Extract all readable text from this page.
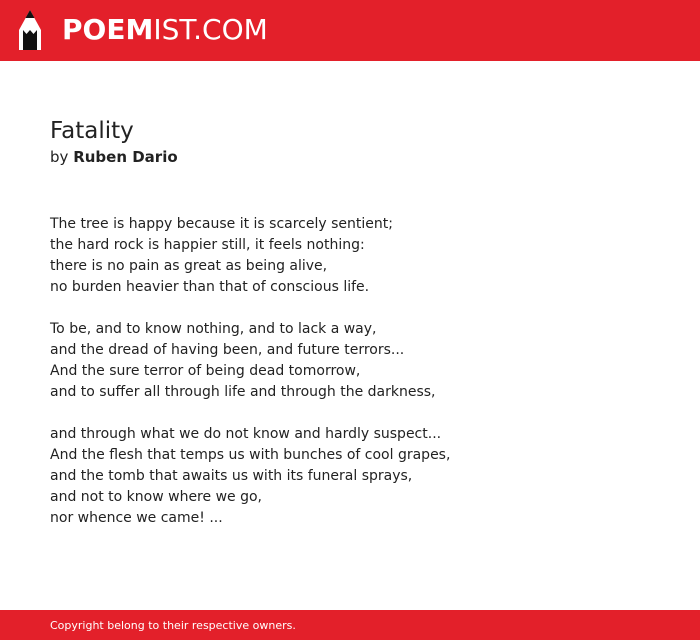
POEMIST.COM
Fatality
by Ruben Dario
The tree is happy because it is scarcely sentient;
the hard rock is happier still, it feels nothing:
there is no pain as great as being alive,
no burden heavier than that of conscious life.
To be, and to know nothing, and to lack a way,
and the dread of having been, and future terrors...
And the sure terror of being dead tomorrow,
and to suffer all through life and through the darkness,
and through what we do not know and hardly suspect...
And the flesh that temps us with bunches of cool grapes,
and the tomb that awaits us with its funeral sprays,
and not to know where we go,
nor whence we came! ...
Copyright belong to their respective owners.
